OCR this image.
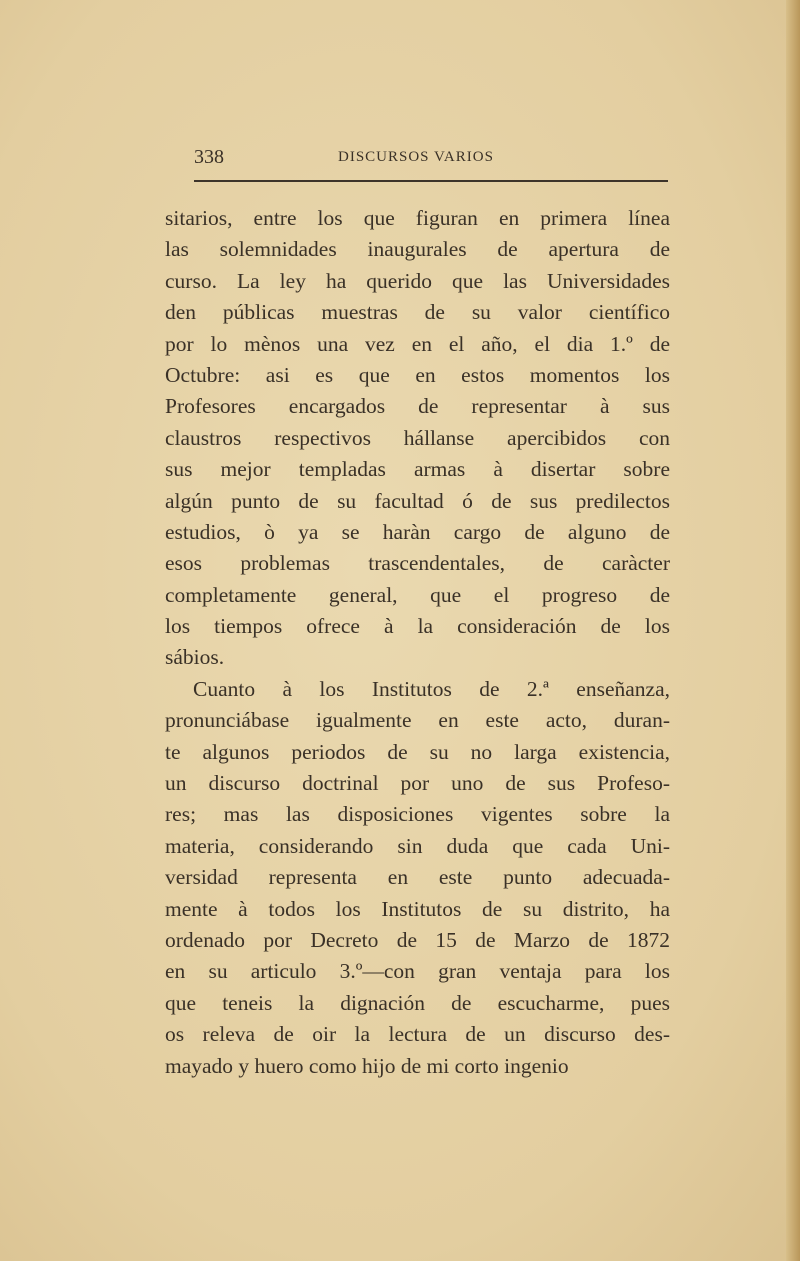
338	DISCURSOS VARIOS
sitarios, entre los que figuran en primera línea
las solemnidades inaugurales de apertura de
curso. La ley ha querido que las Universidades
den públicas muestras de su valor científico
por lo mènos una vez en el año, el dia 1.º de
Octubre: asi es que en estos momentos los
Profesores encargados de representar à sus
claustros respectivos hállanse apercibidos con
sus mejor templadas armas à disertar sobre
algún punto de su facultad ó de sus predilectos
estudios, ò ya se haràn cargo de alguno de
esos problemas trascendentales, de caràcter
completamente general, que el progreso de
los tiempos ofrece à la consideración de los
sábios.
Cuanto à los Institutos de 2.ª enseñanza,
pronunciábase igualmente en este acto, duran-
te algunos periodos de su no larga existencia,
un discurso doctrinal por uno de sus Profeso-
res; mas las disposiciones vigentes sobre la
materia, considerando sin duda que cada Uni-
versidad representa en este punto adecuada-
mente à todos los Institutos de su distrito, ha
ordenado por Decreto de 15 de Marzo de 1872
en su articulo 3.º—con gran ventaja para los
que teneis la dignación de escucharme, pues
os releva de oir la lectura de un discurso des-
mayado y huero como hijo de mi corto ingenio
